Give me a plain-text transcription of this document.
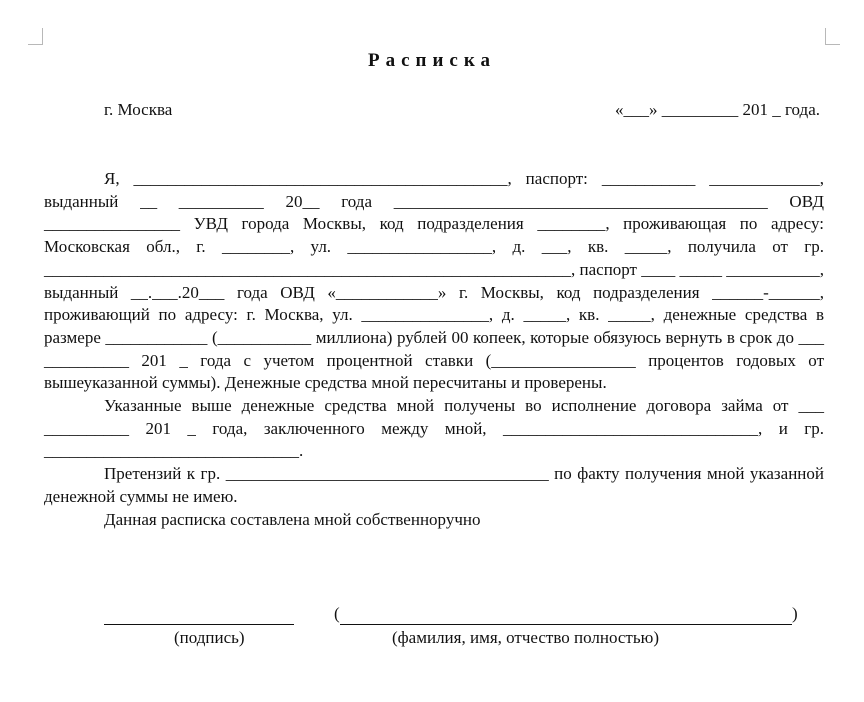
Расписка
г. Москва	«___» _________ 201 _ года.

Я, ____________________________________________, паспорт: ___________ _____________, выданный __ __________ 20__ года ____________________________________________ ОВД ________________ УВД города Москвы, код подразделения ________, проживающая по адресу: Московская обл., г. ________, ул. _________________, д. ___, кв. _____, получила от гр. ______________________________________________________________, паспорт ____ _____ ___________, выданный __.___.20___ года ОВД «____________» г. Москвы, код подразделения ______-______, проживающий по адресу: г. Москва, ул. _______________, д. _____, кв. _____, денежные средства в размере ____________ (___________ миллиона) рублей 00 копеек, которые обязуюсь вернуть в срок до ___ __________ 201 _ года с учетом процентной ставки (_________________ процентов годовых от вышеуказанной суммы). Денежные средства мной пересчитаны и проверены.

Указанные выше денежные средства мной получены во исполнение договора займа от ___ __________ 201 _ года, заключенного между мной, ______________________________, и гр. ______________________________.

Претензий к гр. ______________________________________ по факту получения мной указанной денежной суммы не имею.

Данная расписка составлена мной собственноручно

(	)
(подпись)	(фамилия, имя, отчество полностью)
